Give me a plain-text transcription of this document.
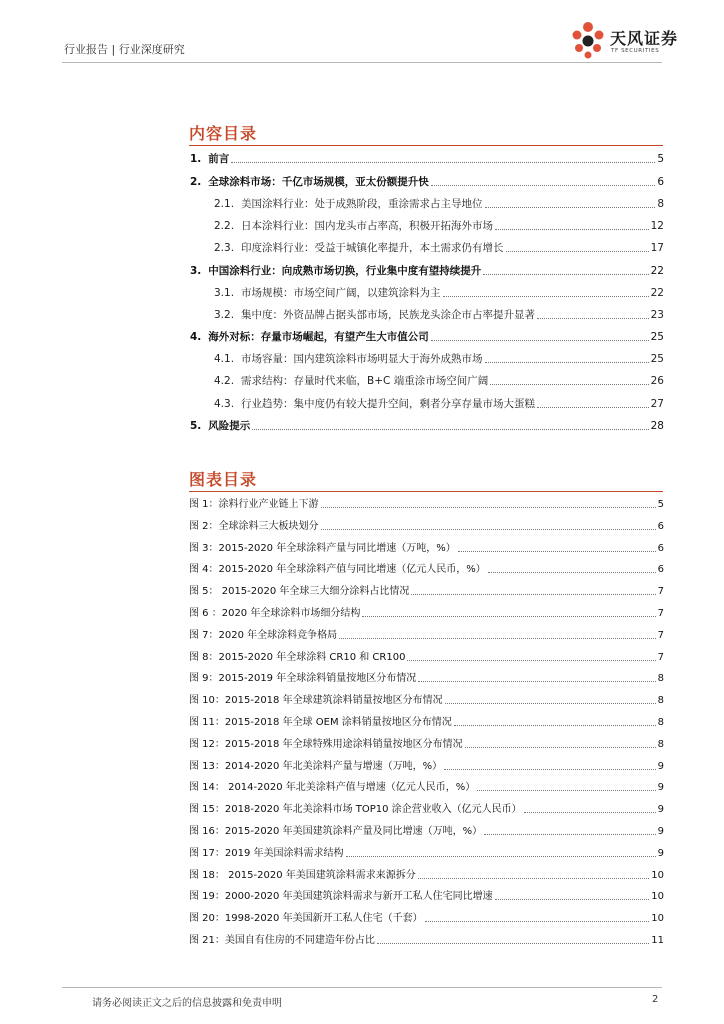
行业报告 | 行业深度研究
天风证券
TF SECURITIES
内容目录
1. 前言	5
2. 全球涂料市场：千亿市场规模，亚太份额提升快	6
2.1. 美国涂料行业：处于成熟阶段，重涂需求占主导地位	8
2.2. 日本涂料行业：国内龙头市占率高，积极开拓海外市场	12
2.3. 印度涂料行业：受益于城镇化率提升，本土需求仍有增长	17
3. 中国涂料行业：向成熟市场切换，行业集中度有望持续提升	22
3.1. 市场规模：市场空间广阔，以建筑涂料为主	22
3.2. 集中度：外资品牌占据头部市场，民族龙头涂企市占率提升显著	23
4. 海外对标：存量市场崛起，有望产生大市值公司	25
4.1. 市场容量：国内建筑涂料市场明显大于海外成熟市场	25
4.2. 需求结构：存量时代来临，B+C 端重涂市场空间广阔	26
4.3. 行业趋势：集中度仍有较大提升空间，剩者分享存量市场大蛋糕	27
5. 风险提示	28
图表目录
图 1：涂料行业产业链上下游	5
图 2：全球涂料三大板块划分	6
图 3：2015-2020 年全球涂料产量与同比增速（万吨，%）	6
图 4：2015-2020 年全球涂料产值与同比增速（亿元人民币，%）	6
图 5： 2015-2020 年全球三大细分涂料占比情况	7
图 6 ：2020 年全球涂料市场细分结构	7
图 7：2020 年全球涂料竞争格局	7
图 8：2015-2020 年全球涂料 CR10 和 CR100	7
图 9：2015-2019 年全球涂料销量按地区分布情况	8
图 10：2015-2018 年全球建筑涂料销量按地区分布情况	8
图 11：2015-2018 年全球 OEM 涂料销量按地区分布情况	8
图 12：2015-2018 年全球特殊用途涂料销量按地区分布情况	8
图 13：2014-2020 年北美涂料产量与增速（万吨，%）	9
图 14： 2014-2020 年北美涂料产值与增速（亿元人民币，%）	9
图 15：2018-2020 年北美涂料市场 TOP10 涂企营业收入（亿元人民币）	9
图 16：2015-2020 年美国建筑涂料产量及同比增速（万吨，%）	9
图 17：2019 年美国涂料需求结构	9
图 18： 2015-2020 年美国建筑涂料需求来源拆分	10
图 19：2000-2020 年美国建筑涂料需求与新开工私人住宅同比增速	10
图 20：1998-2020 年美国新开工私人住宅（千套）	10
图 21：美国自有住房的不同建造年份占比	11
请务必阅读正文之后的信息披露和免责申明	2
